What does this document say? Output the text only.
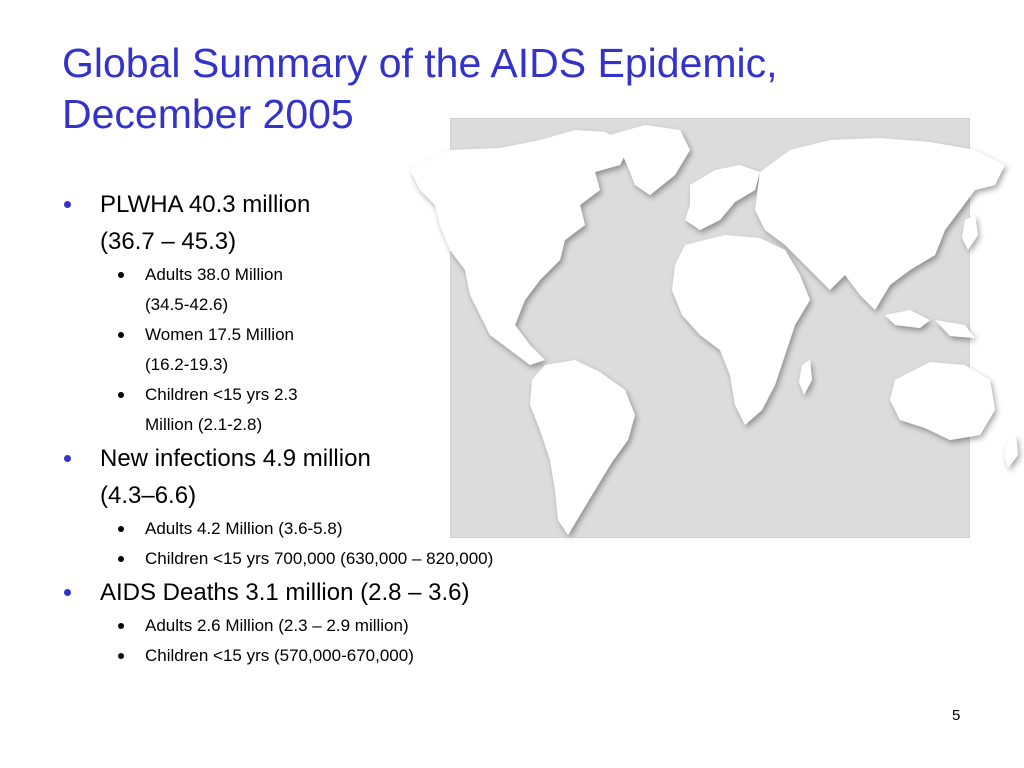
Global Summary of the AIDS Epidemic,
December 2005
PLWHA 40.3 million
(36.7 – 45.3)
Adults 38.0 Million
(34.5-42.6)
Women 17.5 Million
(16.2-19.3)
Children <15 yrs 2.3
Million (2.1-2.8)
New infections 4.9 million
(4.3–6.6)
Adults 4.2 Million (3.6-5.8)
Children <15 yrs 700,000 (630,000 – 820,000)
AIDS Deaths 3.1 million (2.8 – 3.6)
Adults 2.6 Million (2.3 – 2.9 million)
Children <15 yrs (570,000-670,000)
5
